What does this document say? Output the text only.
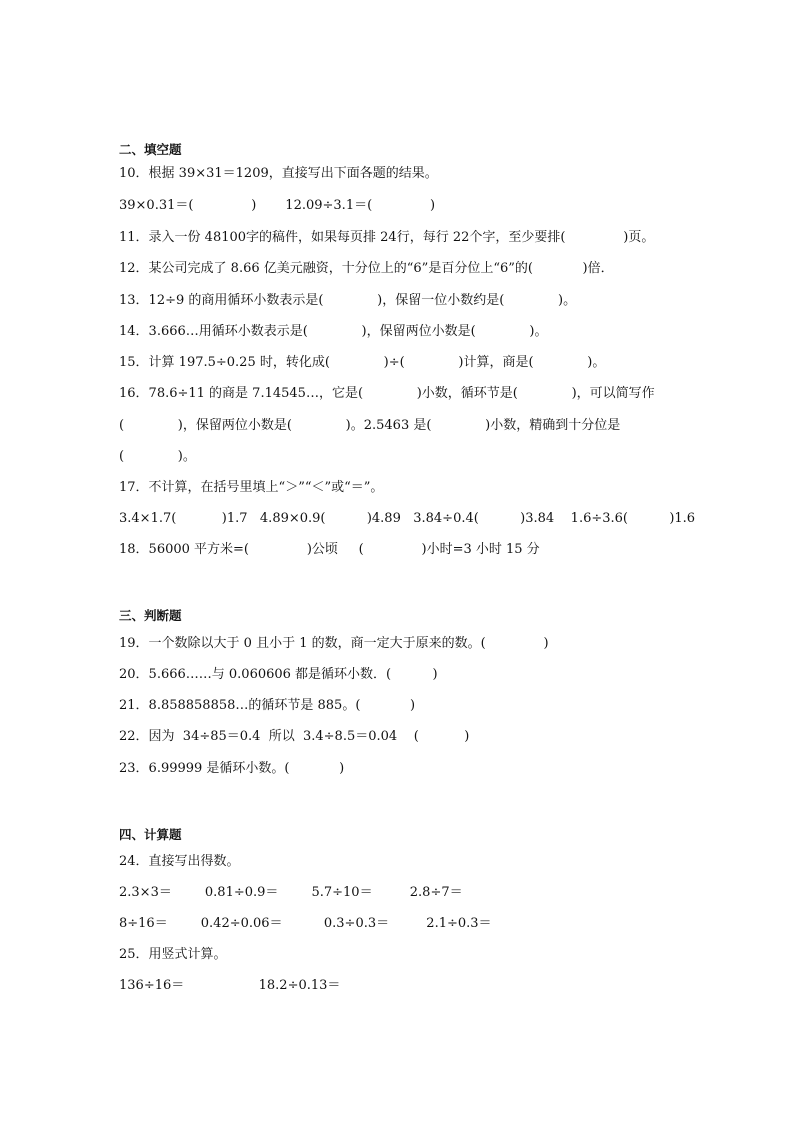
二、填空题
10．根据 39×31＝1209，直接写出下面各题的结果。
39×0.31＝(              )       12.09÷3.1＝(              )
11．录入一份 48100字的稿件，如果每页排 24行，每行 22个字，至少要排(              )页。
12．某公司完成了 8.66 亿美元融资，十分位上的“6”是百分位上“6”的(            )倍．
13．12÷9 的商用循环小数表示是(             )，保留一位小数约是(             )。
14．3.666…用循环小数表示是(             )，保留两位小数是(             )。
15．计算 197.5÷0.25 时，转化成(             )÷(             )计算，商是(             )。
16．78.6÷11 的商是 7.14545…，它是(             )小数，循环节是(             )，可以简写作
(             )，保留两位小数是(             )。2.5463 是(             )小数，精确到十分位是
(             )。
17．不计算，在括号里填上“＞”“＜”或“＝”。
3.4×1.7(           )1.7   4.89×0.9(          )4.89   3.84÷0.4(          )3.84    1.6÷3.6(          )1.6
18．56000 平方米=(              )公顷     (              )小时=3 小时 15 分
三、判断题
19．一个数除以大于 0 且小于 1 的数，商一定大于原来的数。(              )
20．5.666……与 0.060606 都是循环小数．(          )
21．8.858858858…的循环节是 885。(            )
22．因为  34÷85＝0.4  所以  3.4÷8.5＝0.04    (           )
23．6.99999 是循环小数。(            )
四、计算题
24．直接写出得数。
2.3×3＝        0.81÷0.9＝        5.7÷10＝         2.8÷7＝
8÷16＝        0.42÷0.06＝          0.3÷0.3＝         2.1÷0.3＝
25．用竖式计算。
136÷16＝                  18.2÷0.13＝
